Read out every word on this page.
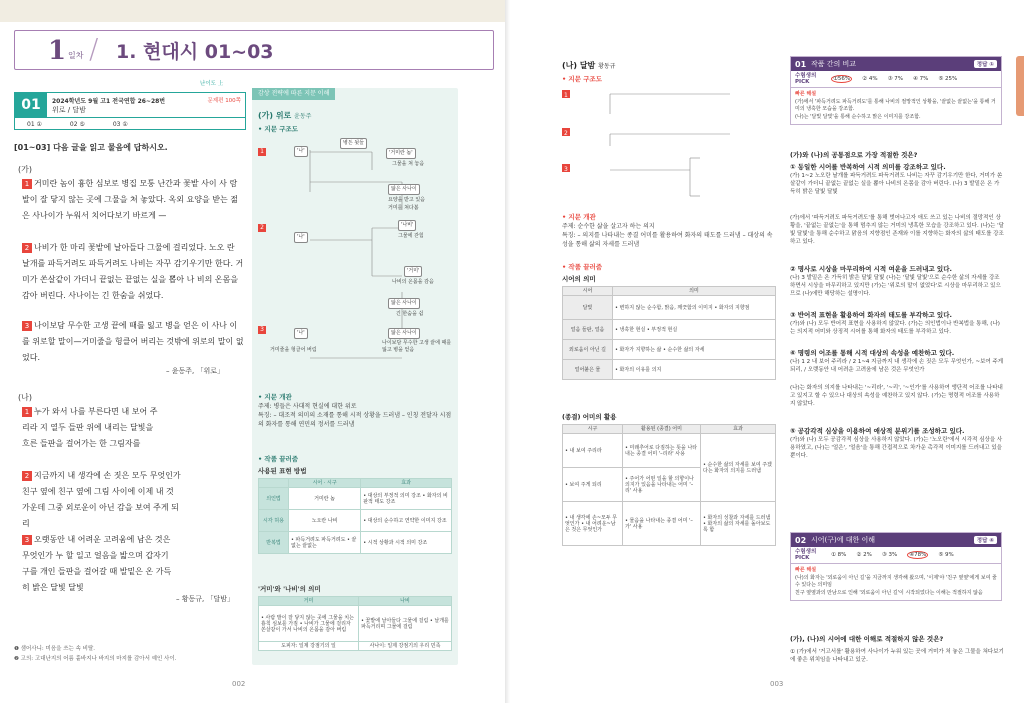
1 일차 / 1. 현대시 01~03
난이도 上
01	2024학년도 9월 고1 전국연합 26~28번
위로 / 달밤
문제편 100쪽
01 ①	02 ⑤	03 ①
[01~03] 다음 글을 읽고 물음에 답하시오.
(가)
1 거미란 놈이 흉한 심보로 병집 모퉁 난간과 꽃밭 사이 사 람 발이 잘 닿지 않는 곳에 그물을 쳐 놓았다. 옥외 요양을 받는 젊은 사나이가 누워서 치어다보기 바르게 —
2 나비가 한 마리 꽃밭에 날아들다 그물에 걸리었다. 노오 란 날개를 파득거려도 파득거려도 나비는 자꾸 감기우기만 한다. 거미가 쏜살같이 가더니 끝없는 끝없는 실을 뽑아 나 비의 온몸을 감아 버린다. 사나이는 긴 한숨을 쉬었다.
3 나이보담 무수한 고생 끝에 때를 잃고 병을 얻은 이 사나 이를 위로할 말이—거미줄을 헝클어 버리는 것밖에 위로의 말이 없었다.
– 윤동주, 「위로」
(나)
1 누가 와서 나를 부른다면 내 보어 주리라 지 열두 들판 위에 내리는 달빛을 흐른 들판을 걸어가는 한 그림자를
2 지금까지 내 생각에 손 짓은 모두 무엇인가 친구 옆에 친구 옆에 그림 사이에 이제 내 것 가운데 그중 외로운이 아닌 감을 보여 주게 되리
3 오랫동안 내 어려운 고려움에 남은 것은 무엇인가 누 할 일고 얼음을 밟으며 갑자기 구를 개인 들판을 걸어갈 때 발밑은 온 가득히 밝은 달빛 달빛
– 황동규, 「달밤」
❶ 샘어사니: 미음을 쓰는 속 비탈.
❷ 고의: 고대난지의 어름 홑바지나 바지의 마지를 감아서 예인 사이.
002
감상 전략에 따른 지문 이해
(가) 위로 윤동주
• 지문 구조도
병든 뒷들
1	'나'	'거미란 놈'
그물을 쳐 놓음
앓은 사나이
요양을 받고 있음
거미를 쳐다봄
2
'나'
'나비'
그물에 갇힘
'거미'
나비의 온몸을 감음
앓은 사나이
긴 한숨을 쉼
3	'나'	앓은 사나이
거미줄을 헝클어 버림
나이보담 무수한 고생 끝에 때를 잃고 병을 얻음
• 지문 개관
주제: 병들은 사대적 현실에 대한 위로
특징: – 대조적 의미의 소재를 통해 시적 상황을 드러냄 – 인칭 전달자 시점의 화자를 통해 연민의 정서를 드러냄
• 작품 끝러줌
사용된 표현 방법
	시어 · 시구	효과
의인법	거미란 놈	• 대상의 부정적 의미 강조 • 화자의 비판적 태도 강조
시각 허용	노오란 나비	• 대상의 순수하고 연약한 이미지 강조
반복법	• 파득거려도 파득거려도 • 끝없는 끝없는	• 시적 상황과 시적 의미 강조
'거미'와 '나비'의 의미
거미	나비
• 사람 발이 잘 닿지 않는 곳에 그물을 치는 흉칙 심보를 가짐 • 나비가 그물에 걸리자 쏜살같이 가서 나비의 온몸을 감아 버림	• 꽃밭에 날아들다 그물에 걸림 • 날개를 파득거리며 그물에 걸림
도피자: 일제 강점기의 일	사나이: 일제 강점기의 우리 민족
(나) 달밤 황동규
• 지문 구조도
1
2
3
• 지문 개관
주제: 순수한 삶을 살고자 하는 의지
특징: – 의지를 나타내는 종결 어미를 활용하여 화자의 태도를 드러냄 – 대상의 속성을 통해 삶의 자세를 드러냄
• 작품 끝러줌
시어의 의미
시어	의미
달빛	• 변하지 않는 순수함, 맑음, 깨끗함의 이미지 • 화자의 지향점
얼음 들판, 얼음	• 냉혹한 현실 • 부정적 현실
외로움이 아닌 길	• 화자가 지향하는 삶 • 순수한 삶의 자세
얼어붙은 물	• 화자의 이유를 의지
(종결) 어미의 활용
시구	활용된 (종결) 어미	효과
• 내 보여 주리라	• 미래추어로 다짐하는 뜻을 나타내는 종결 어미 '–리라' 사용	• 순수한 삶의 자세를 보여 주겠다는 화자의 의지를 드러냄
• 보여 주게 되리	• 주어가 어떤 일을 할 의향이나 의지가 있음을 나타내는 어미 '–리' 사용	
• 내 생각에 손~모두 무엇인가 • 내 어려운~남은 것은 무엇인가	• 물음을 나타내는 종결 어미 '–가' 사용	• 화자의 성찰과 자세를 드러냄 • 화자의 삶의 자세를 돌아보도록 함
01 작품 간의 비교	정답 ①
수험생의 PICK	①56%	② 4% ③ 7% ④ 7% ⑤ 25%
빠른 해설
(가)에서 '파득거려도 파득거려도'를 통해 나비의 절망적인 상황을, '끝없는 끝없는'을 통해 거미의 냉혹한 모습을 강조함.
(나)는 '달빛 달빛'을 통해 순수하고 맑은 이미지를 강조함.
(가)와 (나)의 공통점으로 가장 적절한 것은?
① 동일한 시어를 반복하여 시적 의미를 강조하고 있다.
(가) 1~2 노오란 날개를 파득거려도 파득거려도 나비는 자꾸 감기우기만 한다, 거미가 쏜살같이 가더니 끝없는 끝없는 실을 뽑아 나비의 온몸을 감아 버린다. (나) 3 발밑은 온 가득히 밝은 달빛 달빛
(가)에서 '파득거려도 파득거려도'를 통해 벗어나고자 애도 쓰고 있는 나비의 절망적인 상황을, '끝없는 끝없는'을 통해 멈추지 않는 거미의 냉혹한 모습을 강조하고 있다. (나)는 '달빛 달빛'을 통해 순수하고 맑음의 지향점인 존재와 이를 지향하는 화자의 삶의 태도를 강조하고 있다.
② 명사로 시상을 마무리하여 시적 여운을 드러내고 있다.
(나) 3 발밑은 온 가득히 밝은 달빛 달빛 (나)는 '달빛 달빛'으로 순수한 삶의 자세를 강조하면서 시상을 마무리하고 있지만 (가)는 '위로의 말이 없었다'로 시상을 마무리하고 있으므로 (나)에만 해당하는 설명이다.
③ 반어적 표현을 활용하여 화자의 태도를 부각하고 있다.
(가)와 (나) 모두 반어적 표현을 사용하지 않았다. (가)는 의인법이나 반복법을 통해, (나)는 의지적 어미와 상징적 시어를 통해 화자의 태도를 부각하고 있다.
④ 명령의 어조를 통해 시적 대상의 속성을 예찬하고 있다.
(나) 1 2 내 보어 주리라 / 2 1~4 지금까지 내 생각에 손 짓은 모두 무엇인가, ~보여 주게 되리, / 오랫동안 내 어려운 고려움에 남은 것은 무엇인가
(나)는 화자의 의지를 나타내는 '~리라', '~리', '~인가'를 사용하여 앵단적 어조를 나타내고 있지고 할 수 있으나 대상의 속성을 예찬하고 있지 않다. (가)는 명령적 어조를 사용하지 않았다.
⑤ 공감각적 심상을 이용하여 애상적 분위기를 조성하고 있다.
(가)와 (나) 모두 공감각적 심상을 사용하지 않았다. (가)는 '노오란'에서 시각적 심상을 사용하였고, (나)는 '얼은', '얼음'을 통해 간접적으로 차가운 촉각적 이미지를 드러내고 있을 뿐이다.
02 시어(구)에 대한 이해	정답 ④
수험생의 PICK	① 8% ② 2% ③ 3%	④78%	⑤ 9%
빠른 해설
(나)의 화자는 '외로움이 아닌 길'을 지금까지 생각해 왔으며, '이제'야 '친구 옆옆'에게 보여 줄 수 있다는 의미임
친구 옆옆과의 만남으로 인해 '외로움이 아닌 길'이 시작되었다는 이해는 적절하지 않음
(가), (나)의 시어에 대한 이해로 적절하지 않은 것은?
① (가)에서 '거고서를' 활용하여 사나이가 누워 있는 곳에 거미가 처 놓은 그물을 쳐다보기에 좋은 위치임을 나타내고 있군.
003
